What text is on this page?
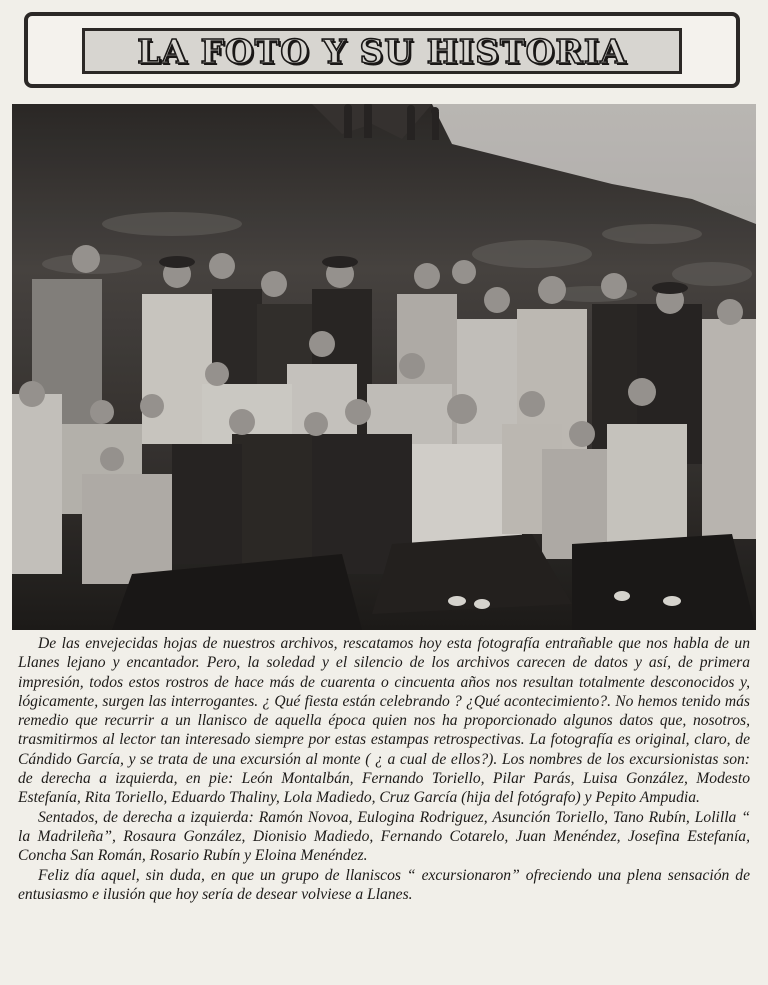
LA FOTO Y SU HISTORIA

De las envejecidas hojas de nuestros archivos, rescatamos hoy esta fotografía entrañable que nos habla de un Llanes lejano y encantador. Pero, la soledad y el silencio de los archivos carecen de datos y así, de primera impresión, todos estos rostros de hace más de cuarenta o cincuenta años nos resultan totalmente desconocidos y, lógicamente, surgen las interrogantes. ¿ Qué fiesta están celebrando ? ¿Qué acontecimiento?. No hemos tenido más remedio que recurrir a un llanisco de aquella época quien nos ha proporcionado algunos datos que, nosotros, trasmitirmos al lector tan interesado siempre por estas estampas retrospectivas. La fotografía es original, claro, de Cándido García, y se trata de una excursión al monte ( ¿ a cual de ellos?). Los nombres de los excursionistas son: de derecha a izquierda, en pie: León Montalbán, Fernando Toriello, Pilar Parás, Luisa González, Modesto Estefanía, Rita Toriello, Eduardo Thaliny, Lola Madiedo, Cruz García (hija del fotógrafo) y Pepito Ampudia.

Sentados, de derecha a izquierda: Ramón Novoa, Eulogina Rodriguez, Asunción Toriello, Tano Rubín, Lolilla “ la Madrileña”, Rosaura González, Dionisio Madiedo, Fernando Cotarelo, Juan Menéndez, Josefina Estefanía, Concha San Román, Rosario Rubín y Eloina Menéndez.

Feliz día aquel, sin duda, en que un grupo de llaniscos “ excursionaron” ofreciendo una plena sensación de entusiasmo e ilusión que hoy sería de desear volviese a Llanes.
